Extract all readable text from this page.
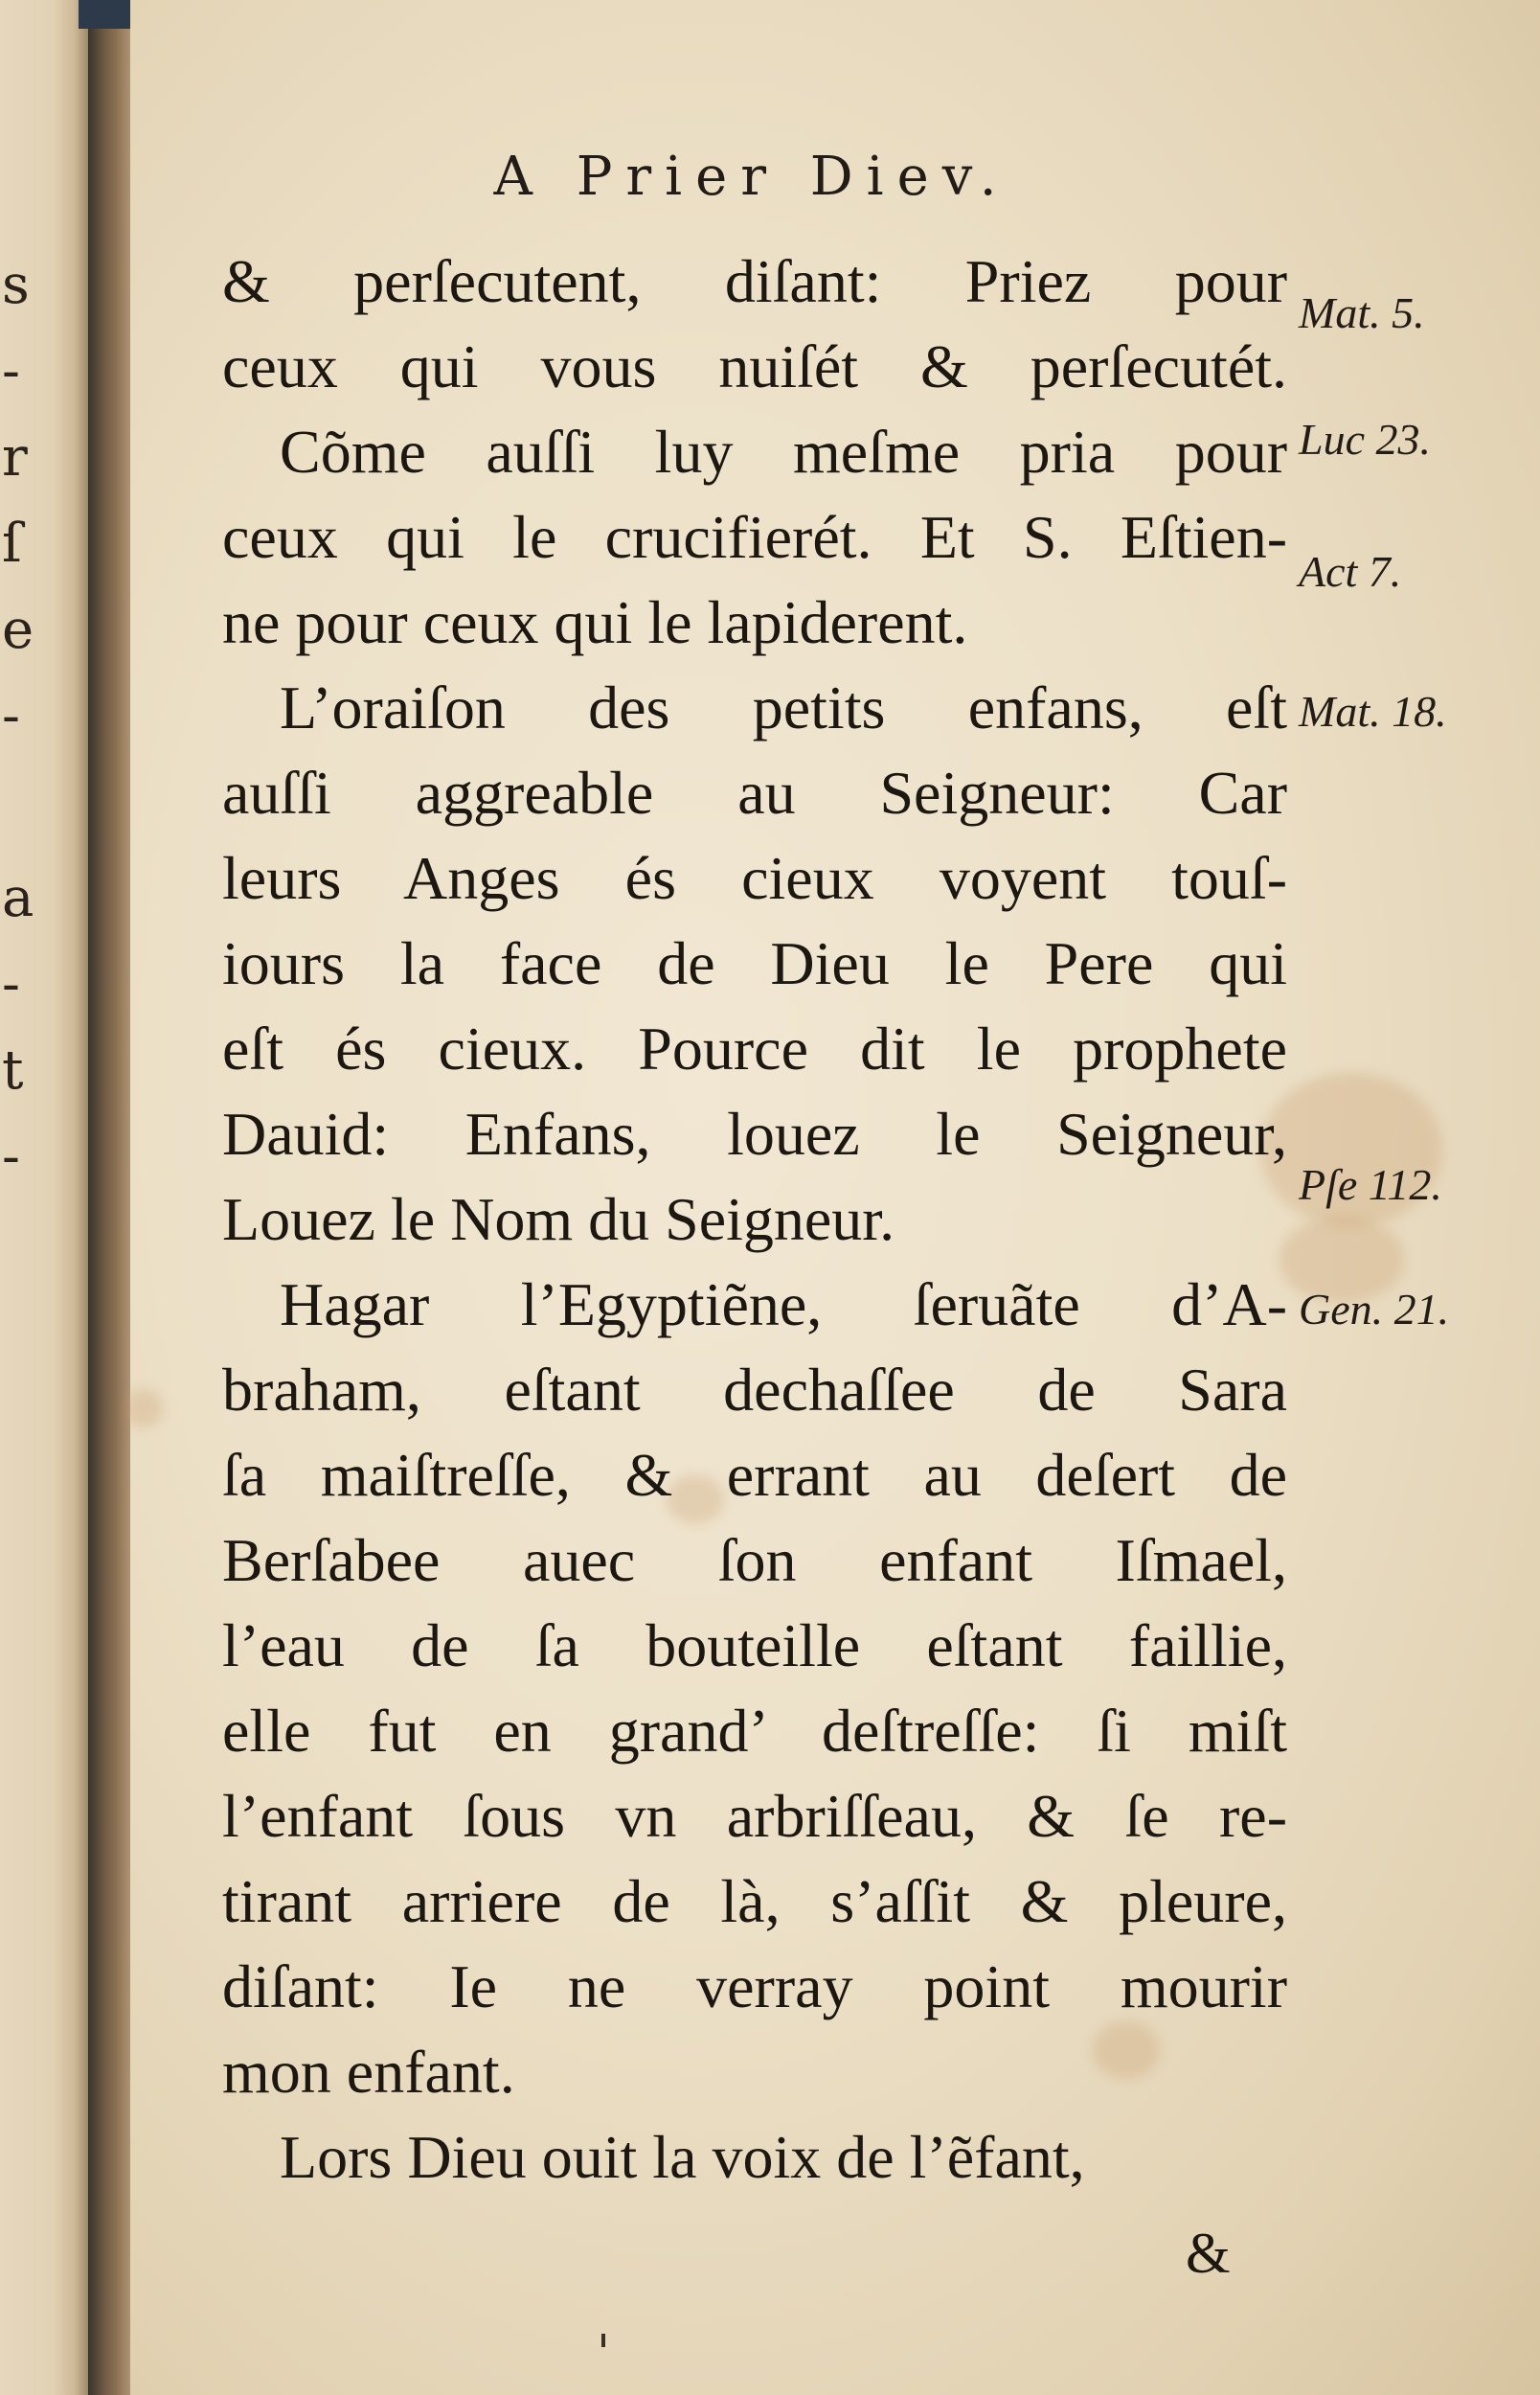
s
-
r
ſ
e
-
a
-
t
-
A Prier Diev.
& perſecutent, diſant: Priez pour
ceux qui vous nuiſét & perſecutét.
Cõme auſſi luy meſme pria pour
ceux qui le crucifierét. Et S. Eſtien-
ne pour ceux qui le lapiderent.
L’oraiſon des petits enfans, eſt
auſſi aggreable au Seigneur: Car
leurs Anges és cieux voyent touſ-
iours la face de Dieu le Pere qui
eſt és cieux. Pource dit le prophete
Dauid: Enfans, louez le Seigneur,
Louez le Nom du Seigneur.
Hagar l’Egyptiẽne, ſeruãte d’A-
braham, eſtant dechaſſee de Sara
ſa maiſtreſſe, & errant au deſert de
Berſabee auec ſon enfant Iſmael,
l’eau de ſa bouteille eſtant faillie,
elle fut en grand’ deſtreſſe: ſi miſt
l’enfant ſous vn arbriſſeau, & ſe re-
tirant arriere de là, s’aſſit & pleure,
diſant: Ie ne verray point mourir
mon enfant.
Lors Dieu ouit la voix de l’ẽfant,
Mat. 5.
Luc 23.
Act 7.
Mat. 18.
Pſe 112.
Gen. 21.
&
